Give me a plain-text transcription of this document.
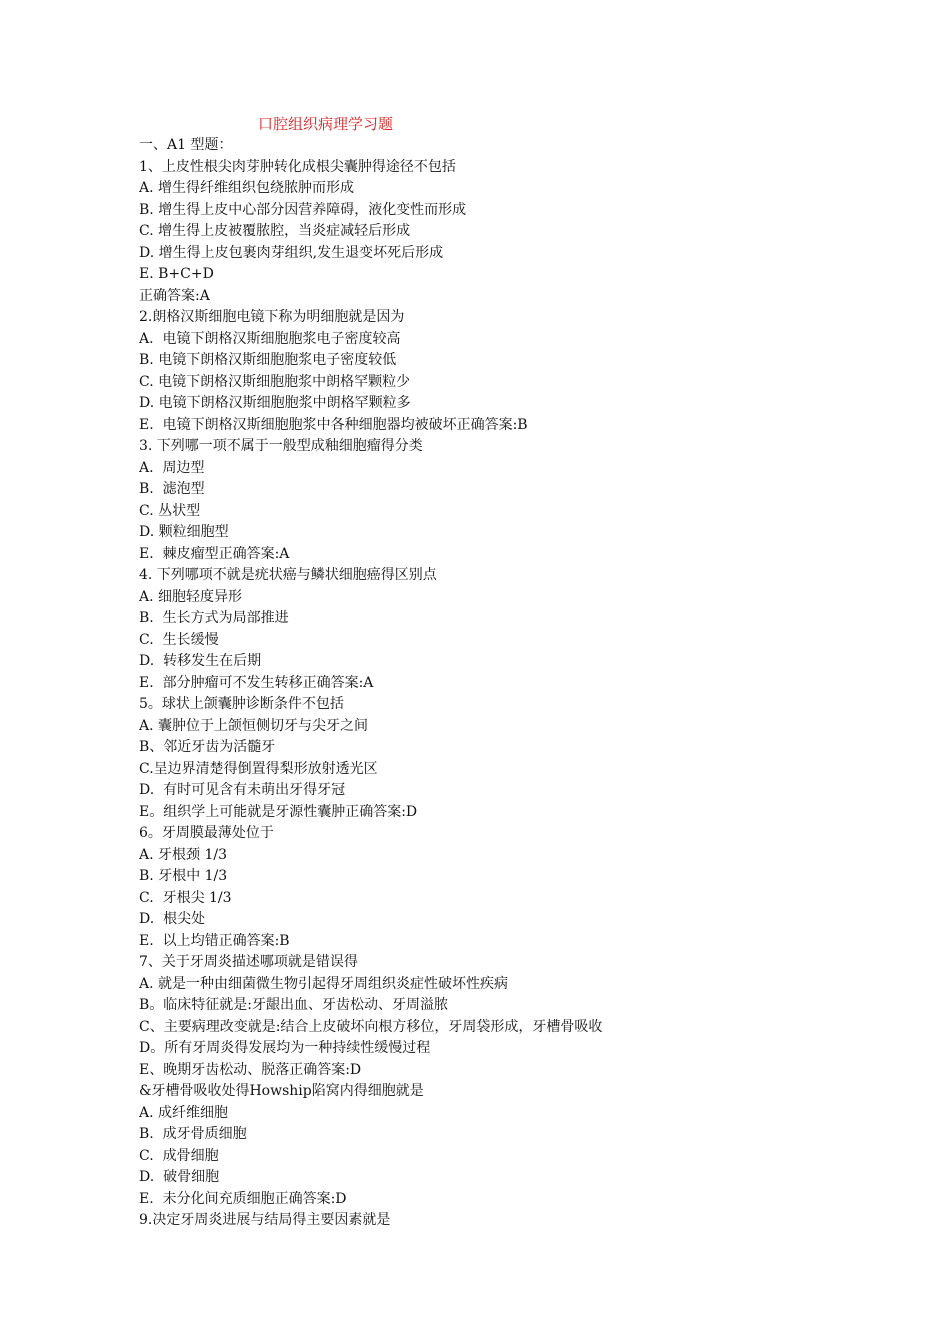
口腔组织病理学习题
一、A1 型题：
1、上皮性根尖肉芽肿转化成根尖囊肿得途径不包括
A. 增生得纤维组织包绕脓肿而形成
B. 增生得上皮中心部分因营养障碍，液化变性而形成
C. 增生得上皮被覆脓腔，当炎症减轻后形成
D. 增生得上皮包裹肉芽组织,发生退变坏死后形成
E. B+C+D
正确答案:A
2.朗格汉斯细胞电镜下称为明细胞就是因为
A.  电镜下朗格汉斯细胞胞浆电子密度较高
B. 电镜下朗格汉斯细胞胞浆电子密度较低
C. 电镜下朗格汉斯细胞胞浆中朗格罕颗粒少
D. 电镜下朗格汉斯细胞胞浆中朗格罕颗粒多
E.  电镜下朗格汉斯细胞胞浆中各种细胞器均被破坏正确答案:B
3. 下列哪一项不属于一般型成釉细胞瘤得分类
A.  周边型
B.  滤泡型
C. 丛状型
D. 颗粒细胞型
E.  棘皮瘤型正确答案:A
4. 下列哪项不就是疣状癌与鳞状细胞癌得区别点
A. 细胞轻度异形
B.  生长方式为局部推进
C.  生长缓慢
D.  转移发生在后期
E.  部分肿瘤可不发生转移正确答案:A
5。球状上颌囊肿诊断条件不包括
A. 囊肿位于上颌恒侧切牙与尖牙之间
B、邻近牙齿为活髓牙
C.呈边界清楚得倒置得梨形放射透光区
D.  有时可见含有未萌出牙得牙冠
E。组织学上可能就是牙源性囊肿正确答案:D
6。牙周膜最薄处位于
A. 牙根颈 1/3
B. 牙根中 1/3
C.  牙根尖 1/3
D.  根尖处
E.  以上均错正确答案:B
7、关于牙周炎描述哪项就是错误得
A. 就是一种由细菌微生物引起得牙周组织炎症性破坏性疾病
B。临床特征就是:牙龈出血、牙齿松动、牙周溢脓
C、主要病理改变就是:结合上皮破坏向根方移位，牙周袋形成，牙槽骨吸收
D。所有牙周炎得发展均为一种持续性缓慢过程
E、晚期牙齿松动、脱落正确答案:D
&牙槽骨吸收处得Howship陷窝内得细胞就是
A. 成纤维细胞
B.  成牙骨质细胞
C.  成骨细胞
D.  破骨细胞
E.  未分化间充质细胞正确答案:D
9.决定牙周炎进展与结局得主要因素就是
